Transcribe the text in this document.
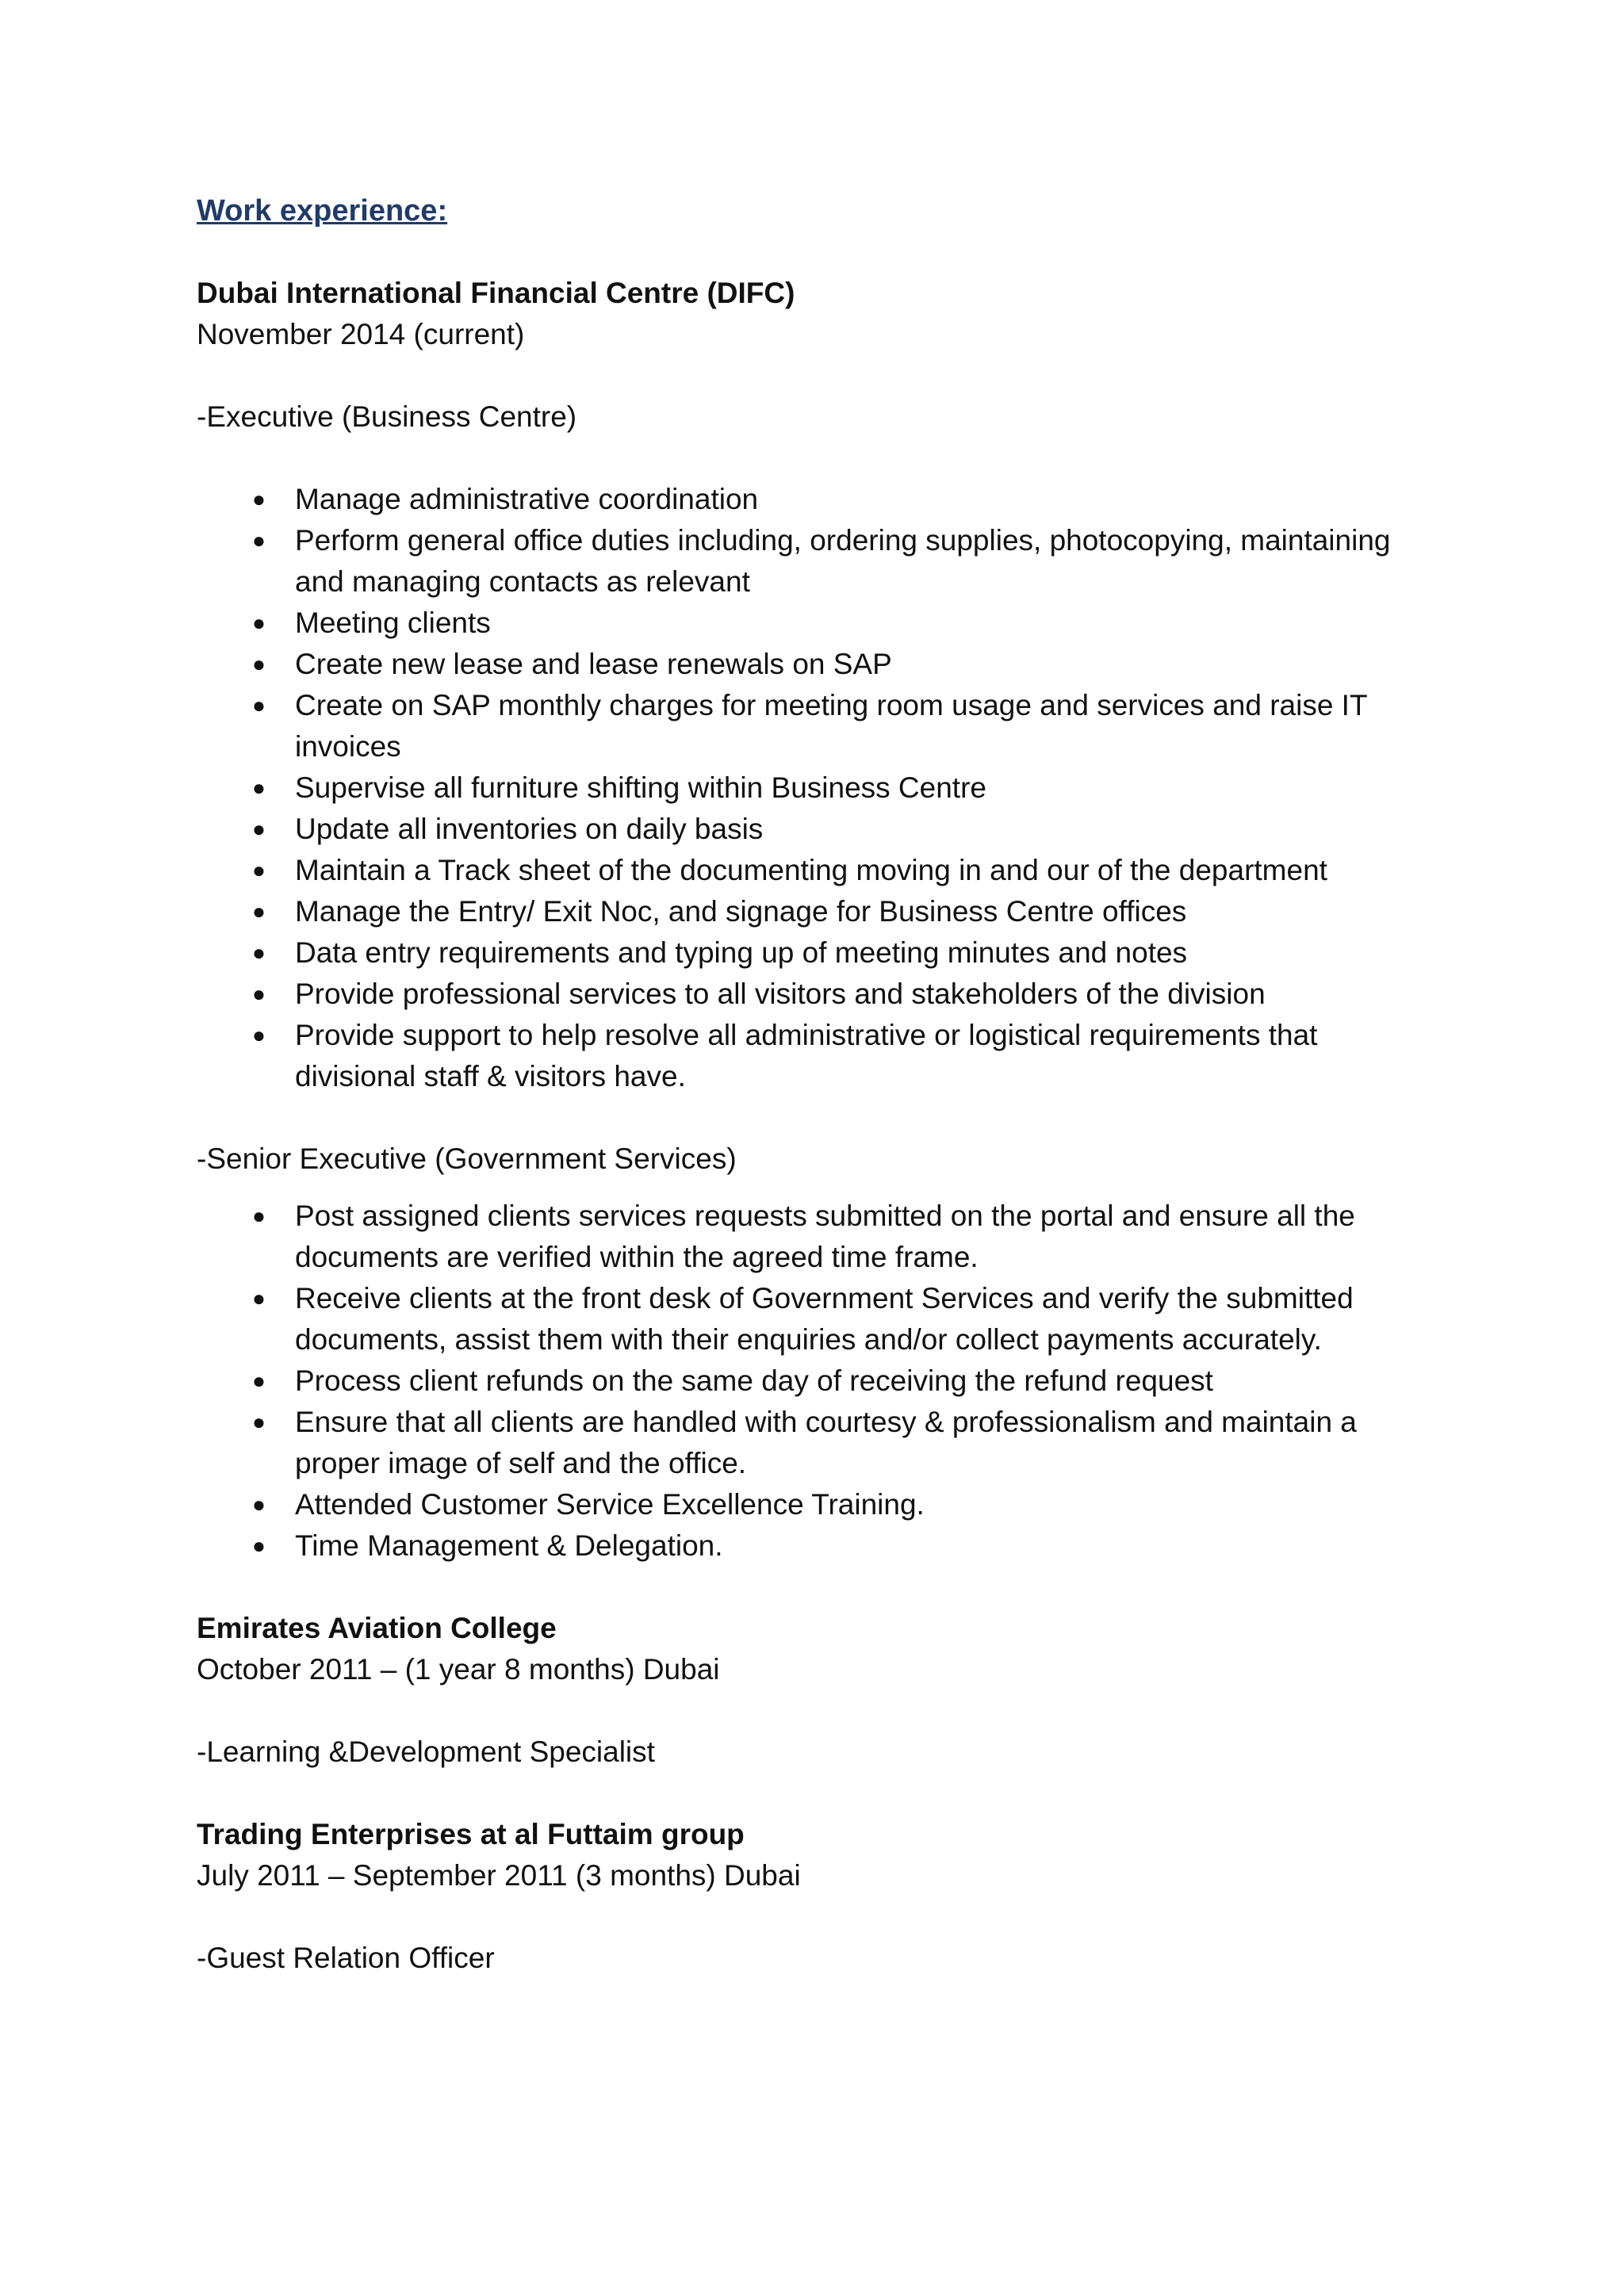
Work experience:
Dubai International Financial Centre (DIFC)
November 2014 (current)
-Executive (Business Centre)
● Manage administrative coordination
● Perform general office duties including, ordering supplies, photocopying, maintaining and managing contacts as relevant
● Meeting clients
● Create new lease and lease renewals on SAP
● Create on SAP monthly charges for meeting room usage and services and raise IT invoices
● Supervise all furniture shifting within Business Centre
● Update all inventories on daily basis
● Maintain a Track sheet of the documenting moving in and our of the department
● Manage the Entry/ Exit Noc, and signage for Business Centre offices
● Data entry requirements and typing up of meeting minutes and notes
● Provide professional services to all visitors and stakeholders of the division
● Provide support to help resolve all administrative or logistical requirements that divisional staff & visitors have.
-Senior Executive (Government Services)
● Post assigned clients services requests submitted on the portal and ensure all the documents are verified within the agreed time frame.
● Receive clients at the front desk of Government Services and verify the submitted documents, assist them with their enquiries and/or collect payments accurately.
● Process client refunds on the same day of receiving the refund request
● Ensure that all clients are handled with courtesy & professionalism and maintain a proper image of self and the office.
● Attended Customer Service Excellence Training.
● Time Management & Delegation.
Emirates Aviation College
October 2011 – (1 year 8 months) Dubai
-Learning &Development Specialist
Trading Enterprises at al Futtaim group
July 2011 – September 2011 (3 months) Dubai
-Guest Relation Officer
